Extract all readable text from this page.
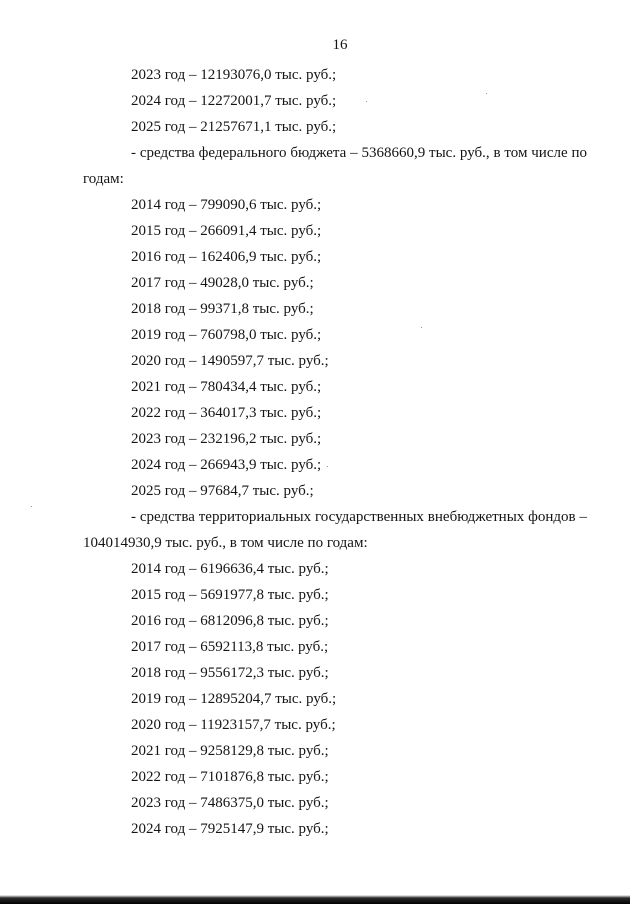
16
2023 год – 12193076,0 тыс. руб.;
2024 год – 12272001,7 тыс. руб.;
2025 год – 21257671,1 тыс. руб.;
- средства федерального бюджета – 5368660,9 тыс. руб., в том числе по
годам:
2014 год – 799090,6 тыс. руб.;
2015 год – 266091,4 тыс. руб.;
2016 год – 162406,9 тыс. руб.;
2017 год – 49028,0 тыс. руб.;
2018 год – 99371,8 тыс. руб.;
2019 год – 760798,0 тыс. руб.;
2020 год – 1490597,7 тыс. руб.;
2021 год – 780434,4 тыс. руб.;
2022 год – 364017,3 тыс. руб.;
2023 год – 232196,2 тыс. руб.;
2024 год – 266943,9 тыс. руб.;
2025 год – 97684,7 тыс. руб.;
- средства территориальных государственных внебюджетных фондов –
104014930,9 тыс. руб., в том числе по годам:
2014 год – 6196636,4 тыс. руб.;
2015 год – 5691977,8 тыс. руб.;
2016 год – 6812096,8 тыс. руб.;
2017 год – 6592113,8 тыс. руб.;
2018 год – 9556172,3 тыс. руб.;
2019 год – 12895204,7 тыс. руб.;
2020 год – 11923157,7 тыс. руб.;
2021 год – 9258129,8 тыс. руб.;
2022 год – 7101876,8 тыс. руб.;
2023 год – 7486375,0 тыс. руб.;
2024 год – 7925147,9 тыс. руб.;
